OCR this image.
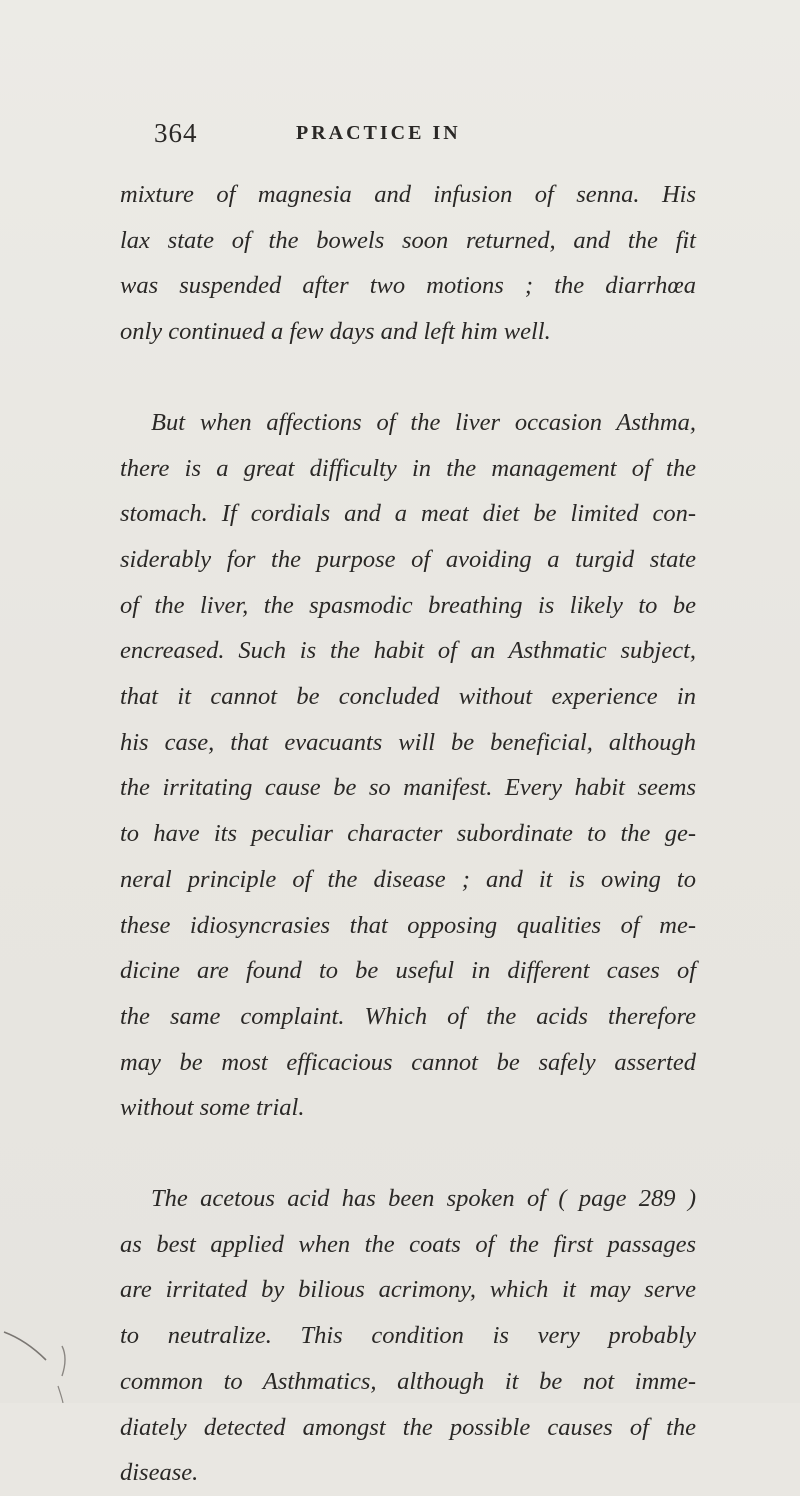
364	PRACTICE IN
mixture of magnesia and infusion of senna. His
lax state of the bowels soon returned, and the fit
was suspended after two motions ; the diarrhœa
only continued a few days and left him well.
But when affections of the liver occasion Asthma,
there is a great difficulty in the management of the
stomach. If cordials and a meat diet be limited con-
siderably for the purpose of avoiding a turgid state
of the liver, the spasmodic breathing is likely to be
encreased. Such is the habit of an Asthmatic subject,
that it cannot be concluded without experience in
his case, that evacuants will be beneficial, although
the irritating cause be so manifest. Every habit seems
to have its peculiar character subordinate to the ge-
neral principle of the disease ; and it is owing to
these idiosyncrasies that opposing qualities of me-
dicine are found to be useful in different cases of
the same complaint. Which of the acids therefore
may be most efficacious cannot be safely asserted
without some trial.
The acetous acid has been spoken of ( page 289 )
as best applied when the coats of the first passages
are irritated by bilious acrimony, which it may serve
to neutralize. This condition is very probably
common to Asthmatics, although it be not imme-
diately detected amongst the possible causes of the
disease.
